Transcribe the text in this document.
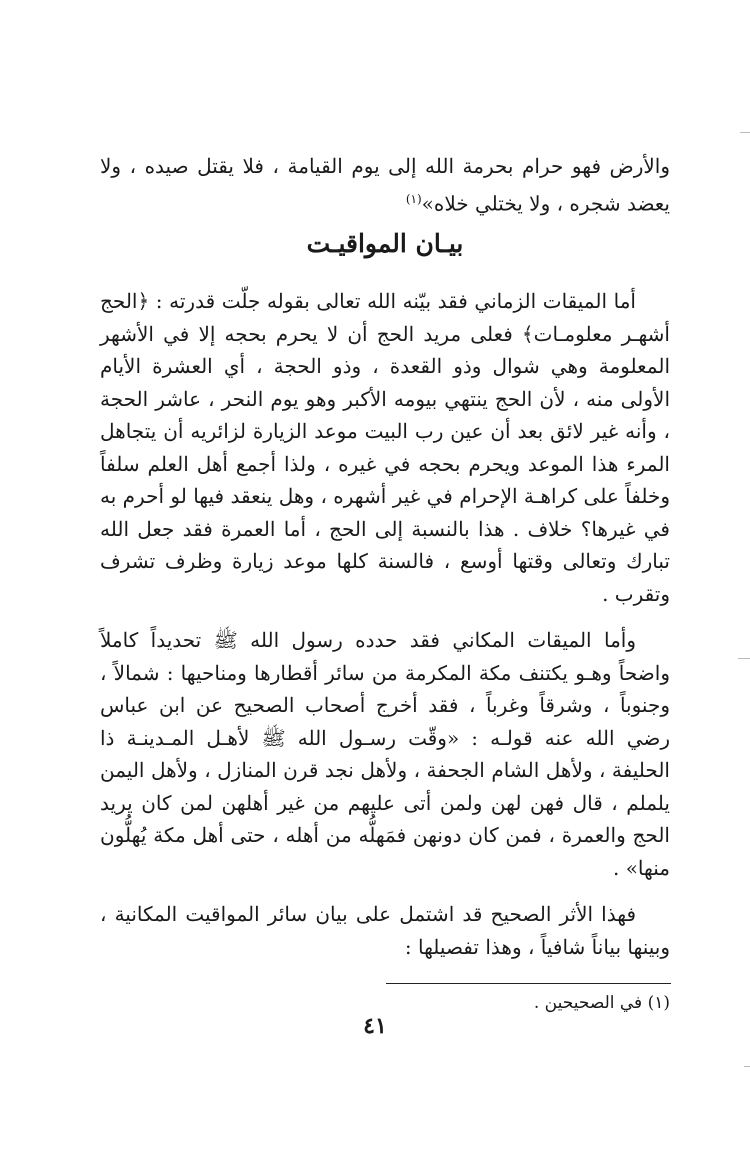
والأرض فهو حرام بحرمة الله إلى يوم القيامة ، فلا يقتل صيده ، ولا يعضد شجره ، ولا يختلي خلاه»$^{(١)}$

بيـان المواقيـت

أما الميقات الزماني فقد بيّنه الله تعالى بقوله جلّت قدرته : ﴿الحج أشهـر معلومـات﴾ فعلى مريد الحج أن لا يحرم بحجه إلا في الأشهر المعلومة وهي شوال وذو القعدة ، وذو الحجة ، أي العشرة الأيام الأولى منه ، لأن الحج ينتهي بيومه الأكبر وهو يوم النحر ، عاشر الحجة ، وأنه غير لائق بعد أن عين رب البيت موعد الزيارة لزائريه أن يتجاهل المرء هذا الموعد ويحرم بحجه في غيره ، ولذا أجمع أهل العلم سلفاً وخلفاً على كراهـة الإحرام في غير أشهره ، وهل ينعقد فيها لو أحرم به في غيرها؟ خلاف . هذا بالنسبة إلى الحج ، أما العمرة فقد جعل الله تبارك وتعالى وقتها أوسع ، فالسنة كلها موعد زيارة وظرف تشرف وتقرب .

وأما الميقات المكاني فقد حدده رسول الله ﷺ تحديداً كاملاً واضحاً وهـو يكتنف مكة المكرمة من سائر أقطارها ومناحيها : شمالاً ، وجنوباً ، وشرقاً وغرباً ، فقد أخرج أصحاب الصحيح عن ابن عباس رضي الله عنه قولـه : «وقّت رسـول الله ﷺ لأهـل المـدينـة ذا الحليفة ، ولأهل الشام الجحفة ، ولأهل نجد قرن المنازل ، ولأهل اليمن يلملم ، قال فهن لهن ولمن أتى عليهم من غير أهلهن لمن كان يريد الحج والعمرة ، فمن كان دونهن فمَهلُّه من أهله ، حتى أهل مكة يُهلُّون منها» .

فهذا الأثر الصحيح قد اشتمل على بيان سائر المواقيت المكانية ، وبينها بياناً شافياً ، وهذا تفصيلها :

(١) في الصحيحين .
٤١
